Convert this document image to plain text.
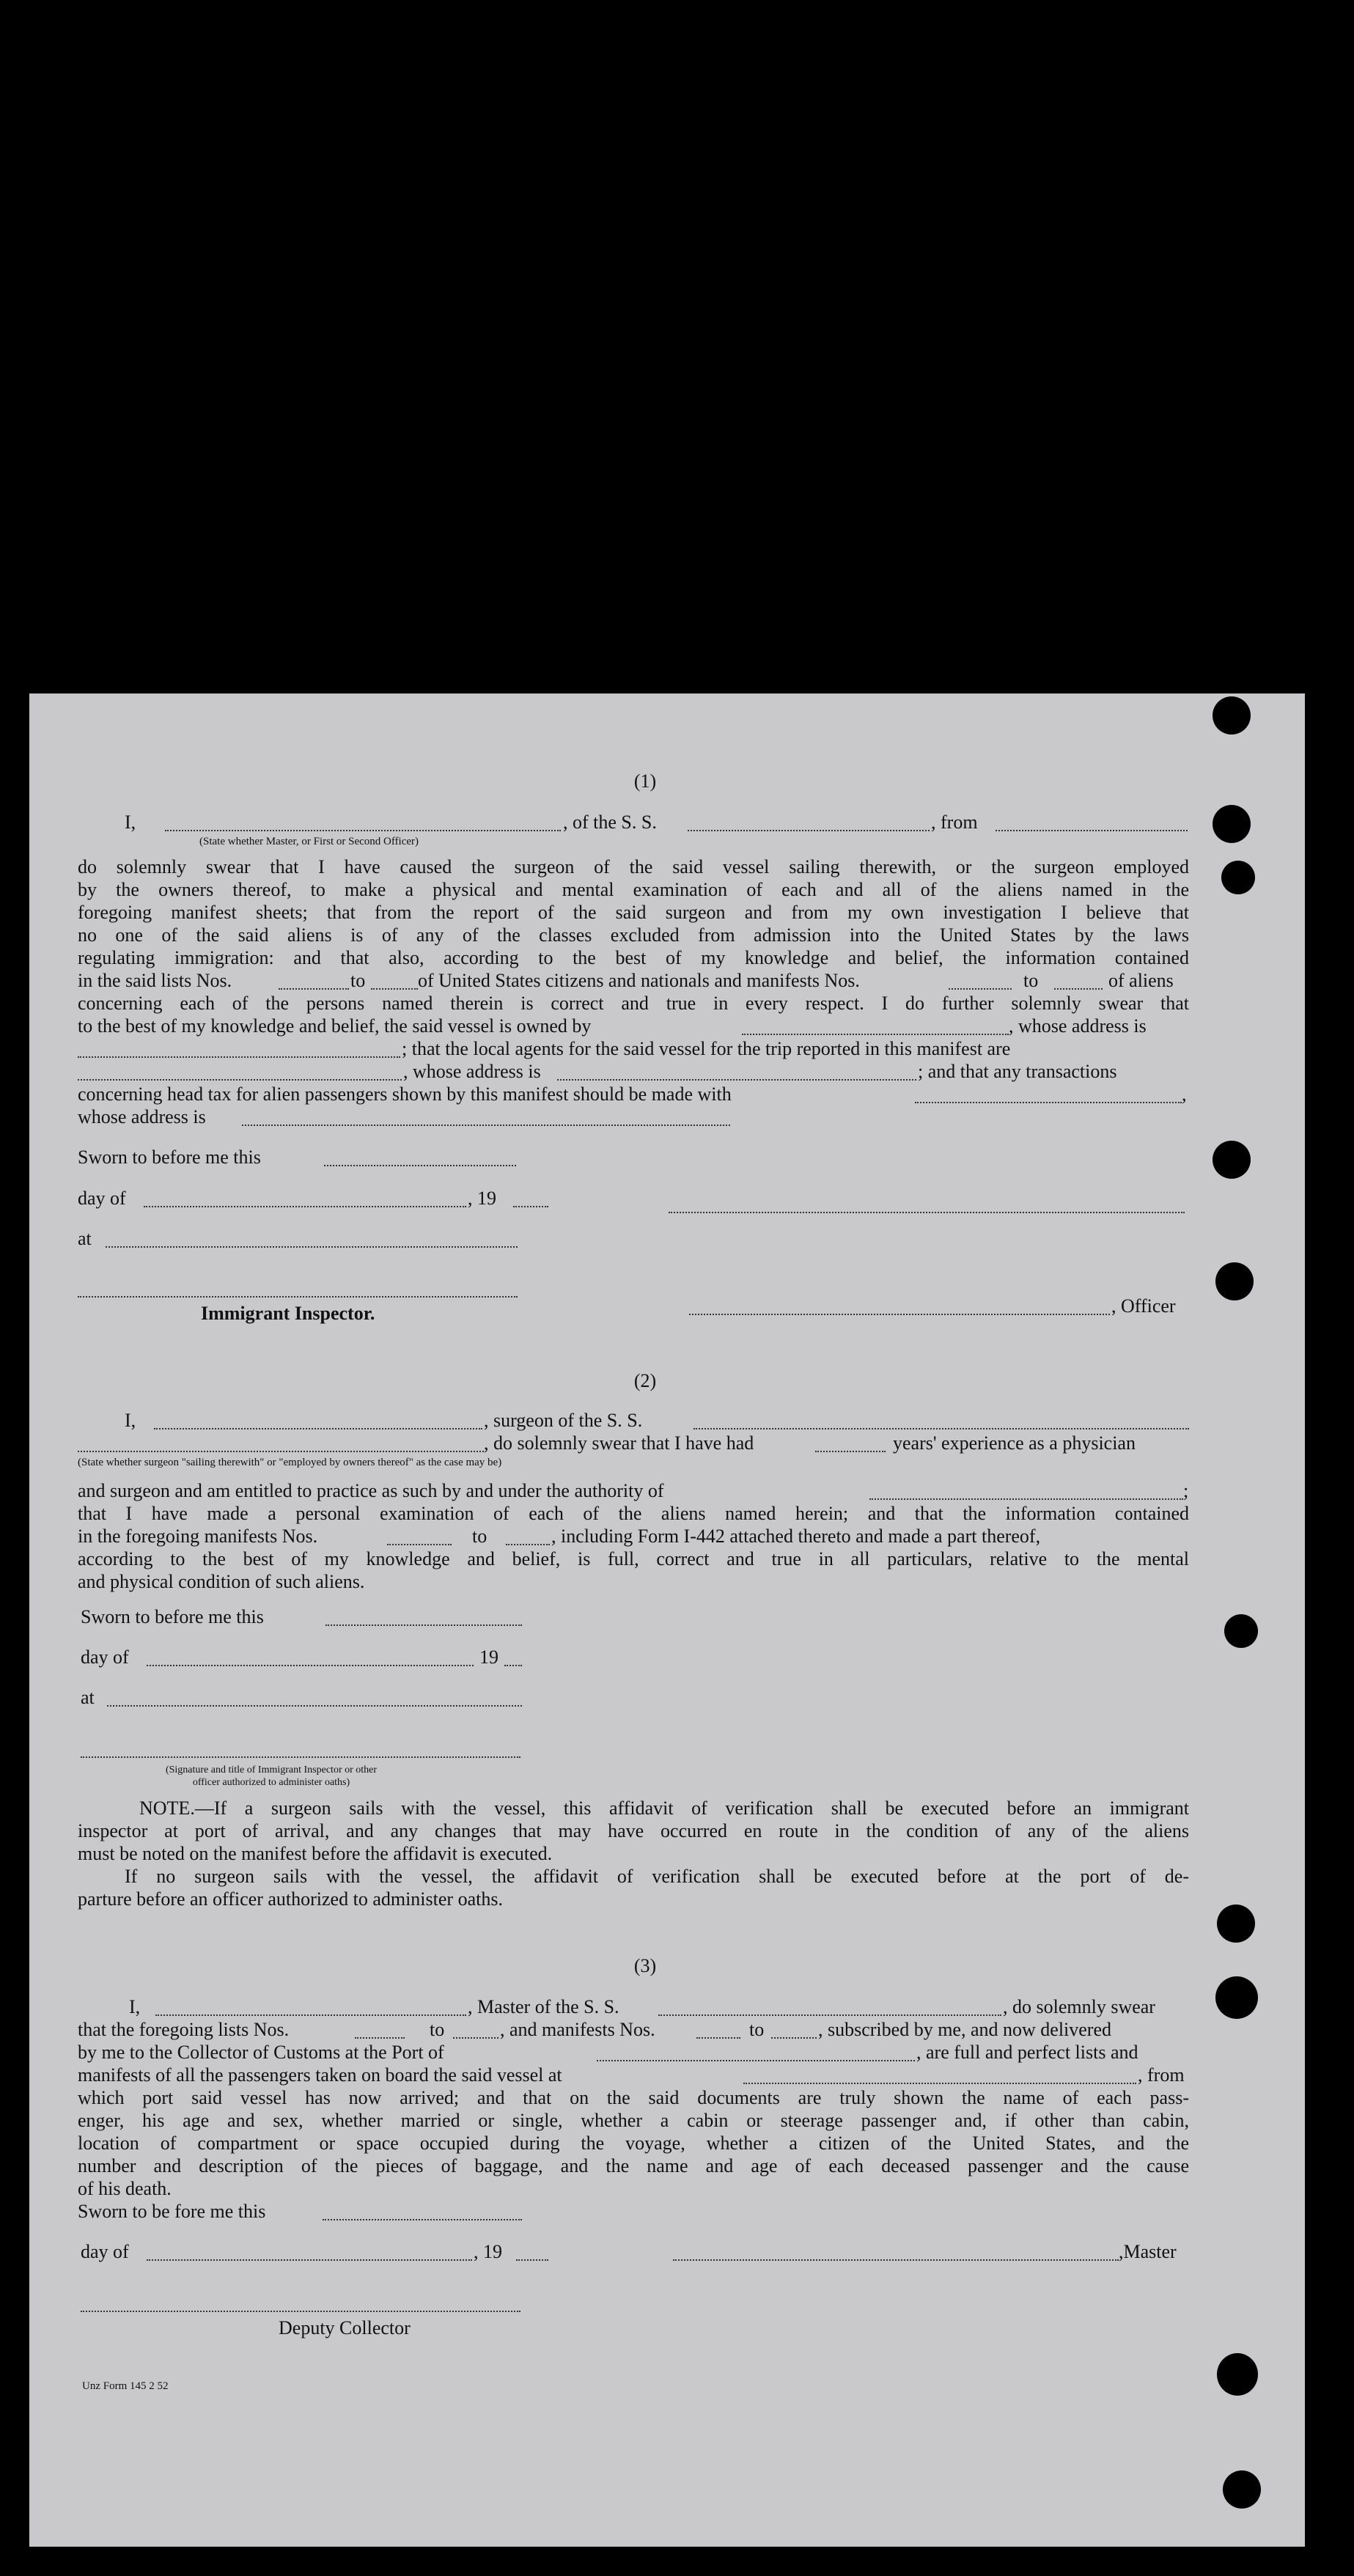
(1)
I,	, of the S. S.	, from
(State whether Master, or First or Second Officer)
do solemnly swear that I have caused the surgeon of the said vessel sailing therewith, or the surgeon employed
by the owners thereof, to make a physical and mental examination of each and all of the aliens named in the
foregoing manifest sheets; that from the report of the said surgeon and from my own investigation I believe that
no one of the said aliens is of any of the classes excluded from admission into the United States by the laws
regulating immigration: and that also, according to the best of my knowledge and belief, the information contained
in the said lists Nos.	to	of United States citizens and nationals and manifests Nos.	to	of aliens
concerning each of the persons named therein is correct and true in every respect. I do further solemnly swear that
to the best of my knowledge and belief, the said vessel is owned by	, whose address is
; that the local agents for the said vessel for the trip reported in this manifest are
, whose address is	; and that any transactions
concerning head tax for alien passengers shown by this manifest should be made with	,
whose address is
Sworn to before me this
day of	, 19
at
Immigrant Inspector.	, Officer
(2)
I,	, surgeon of the S. S.
, do solemnly swear that I have had	years' experience as a physician
(State whether surgeon "sailing therewith" or "employed by owners thereof" as the case may be)
and surgeon and am entitled to practice as such by and under the authority of	;
that I have made a personal examination of each of the aliens named herein; and that the information contained
in the foregoing manifests Nos.	to	, including Form I-442 attached thereto and made a part thereof,
according to the best of my knowledge and belief, is full, correct and true in all particulars, relative to the mental
and physical condition of such aliens.
Sworn to before me this
day of	19
at
(Signature and title of Immigrant Inspector or other
officer authorized to administer oaths)
NOTE.—If a surgeon sails with the vessel, this affidavit of verification shall be executed before an immigrant
inspector at port of arrival, and any changes that may have occurred en route in the condition of any of the aliens
must be noted on the manifest before the affidavit is executed.
If no surgeon sails with the vessel, the affidavit of verification shall be executed before at the port of de-
parture before an officer authorized to administer oaths.
(3)
I,	, Master of the S. S.	, do solemnly swear
that the foregoing lists Nos.	to	, and manifests Nos.	to	, subscribed by me, and now delivered
by me to the Collector of Customs at the Port of	, are full and perfect lists and
manifests of all the passengers taken on board the said vessel at	, from
which port said vessel has now arrived; and that on the said documents are truly shown the name of each pass-
enger, his age and sex, whether married or single, whether a cabin or steerage passenger and, if other than cabin,
location of compartment or space occupied during the voyage, whether a citizen of the United States, and the
number and description of the pieces of baggage, and the name and age of each deceased passenger and the cause
of his death.
Sworn to be fore me this
day of	, 19	,Master
Deputy Collector
Unz Form 145 2 52
